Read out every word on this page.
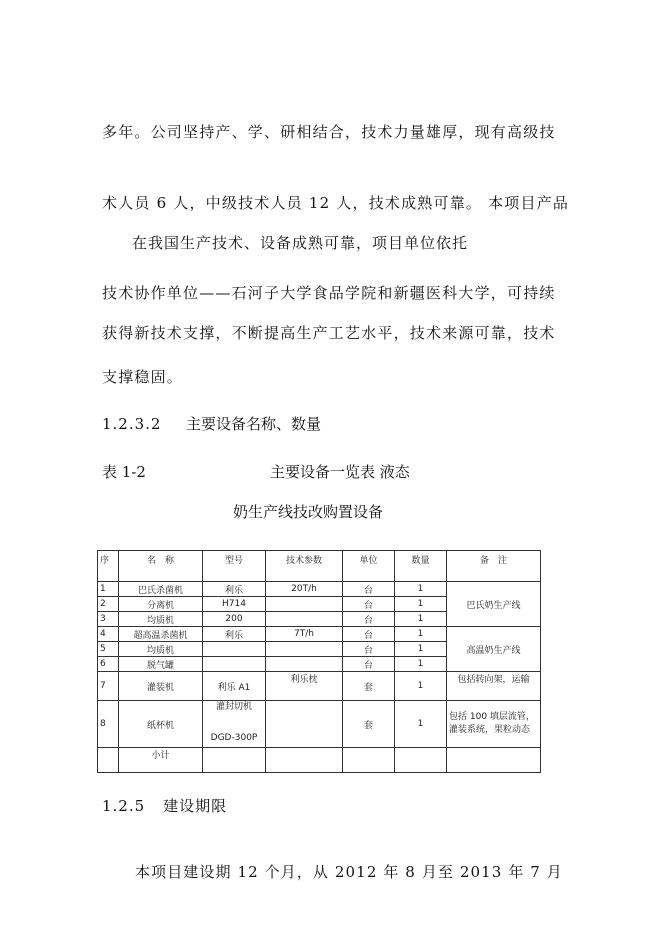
多年。公司坚持产、学、研相结合，技术力量雄厚，现有高级技
术人员 6 人，中级技术人员 12 人，技术成熟可靠。 本项目产品
在我国生产技术、设备成熟可靠，项目单位依托
技术协作单位——石河子大学食品学院和新疆医科大学，可持续
获得新技术支撑，不断提高生产工艺水平，技术来源可靠，技术
支撑稳固。
1.2.3.2 主要设备名称、数量
表 1-2	主要设备一览表 液态
奶生产线技改购置设备
序	名　称	型号	技术参数	单位	数量	备　注
1	巴氏杀菌机	利乐	20T/h	台	1	巴氏奶生产线
2	分离机	H714		台	1	
3	均质机	200		台	1	
4	超高温杀菌机	利乐	7T/h	台	1	高温奶生产线
5	均质机			台	1	
6	脱气罐			台	1	
7	灌装机	利乐 A1	利乐枕	套	1	包括转向架，运输
8	纸杯机	灌封切机
DGD-300P		套	1	包括 100 填层流管，灌装系统，果粒动态
	小计					
1.2.5 建设期限
本项目建设期 12 个月，从 2012 年 8 月至 2013 年 7 月
